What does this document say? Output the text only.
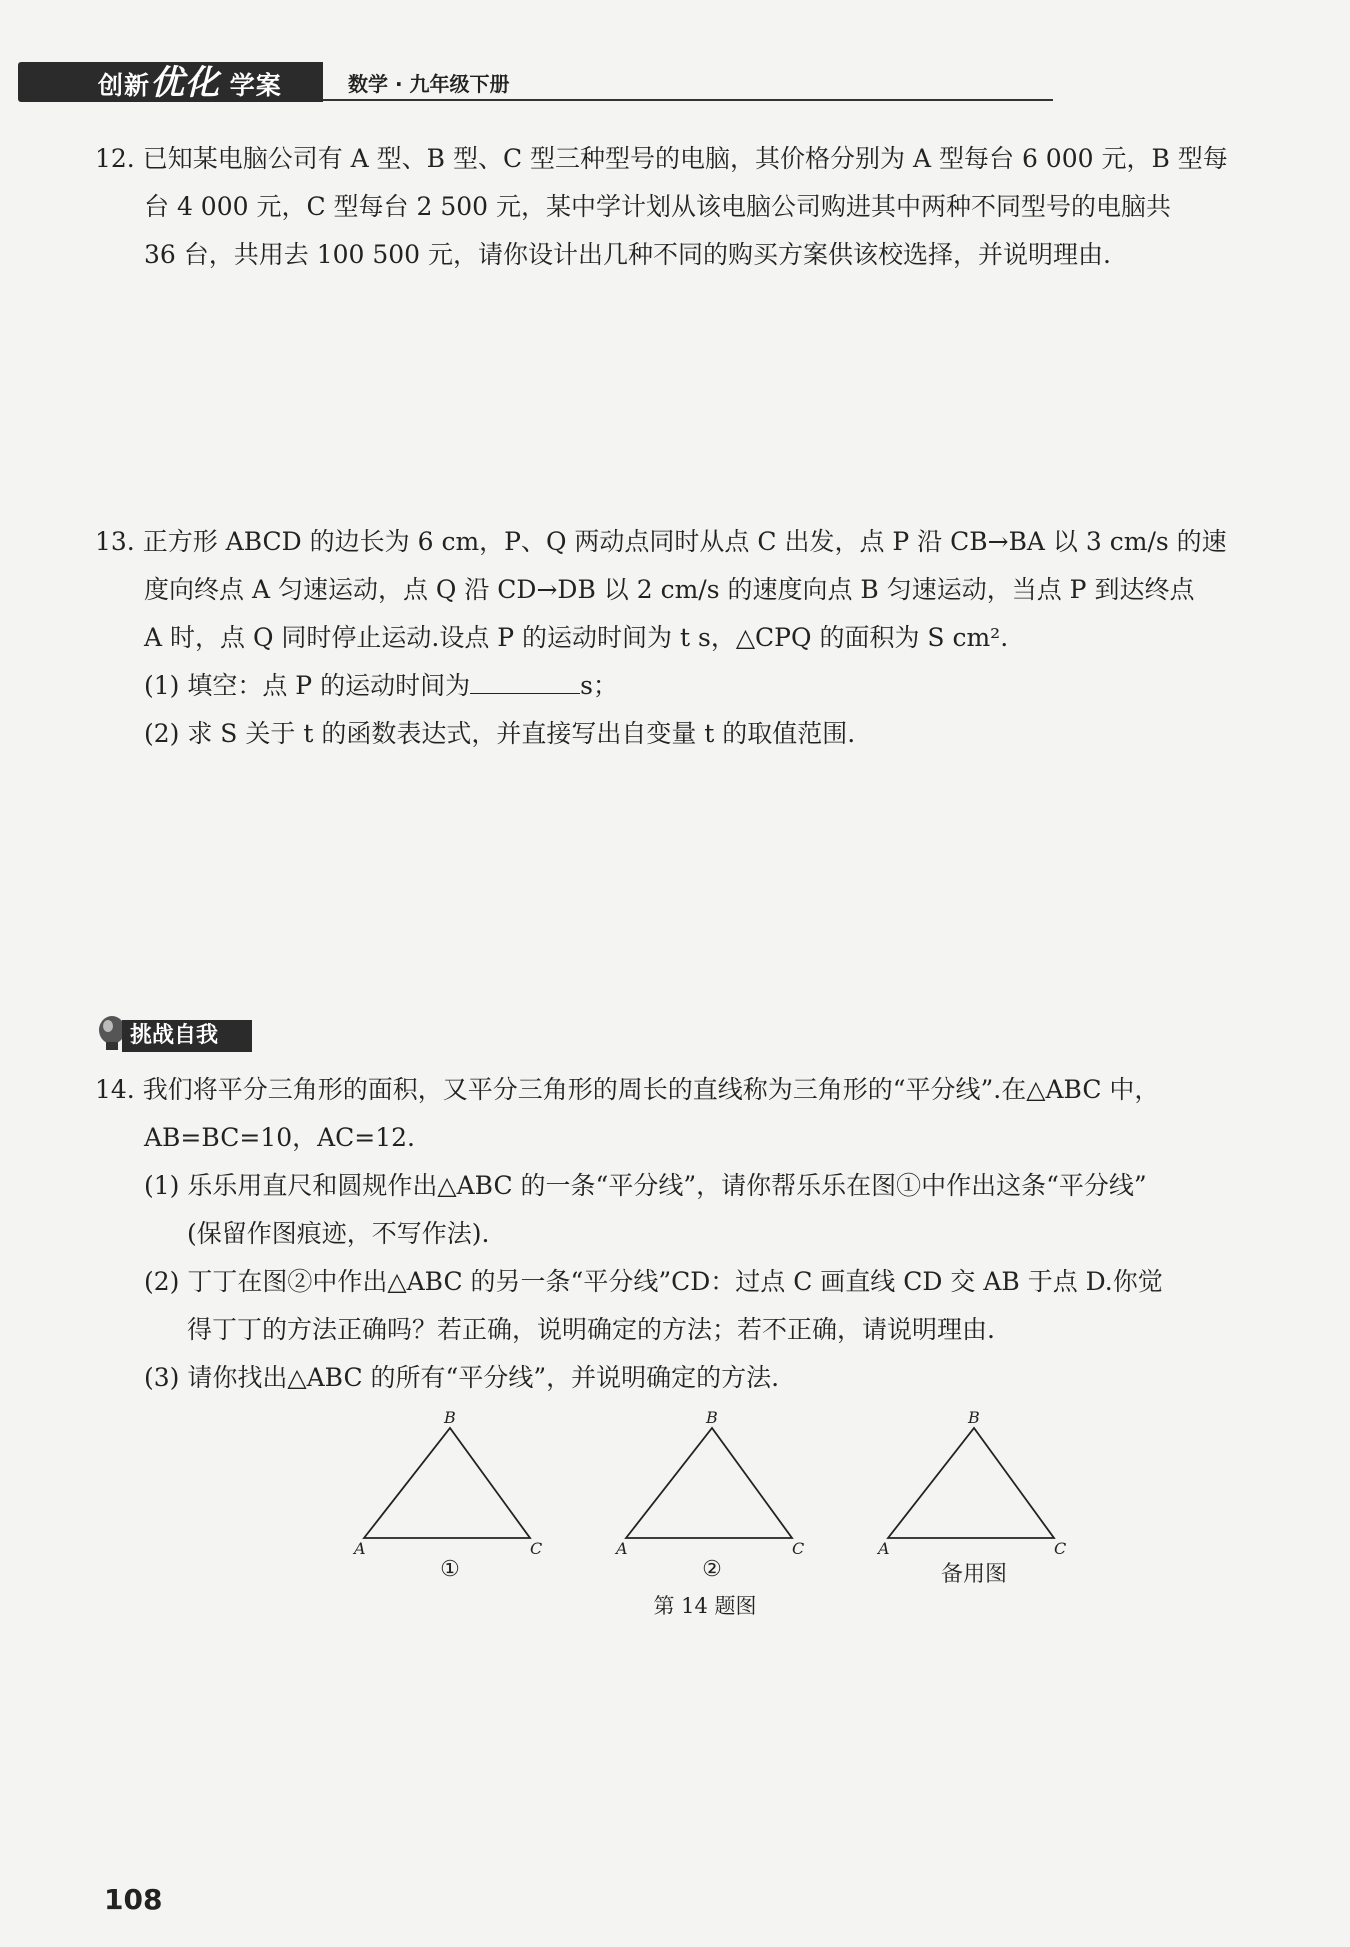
创新优化 学案	数学 · 九年级下册
12. 已知某电脑公司有 A 型、B 型、C 型三种型号的电脑，其价格分别为 A 型每台 6 000 元，B 型每
台 4 000 元，C 型每台 2 500 元，某中学计划从该电脑公司购进其中两种不同型号的电脑共
36 台，共用去 100 500 元，请你设计出几种不同的购买方案供该校选择，并说明理由.
13. 正方形 ABCD 的边长为 6 cm，P、Q 两动点同时从点 C 出发，点 P 沿 CB→BA 以 3 cm/s 的速
度向终点 A 匀速运动，点 Q 沿 CD→DB 以 2 cm/s 的速度向点 B 匀速运动，当点 P 到达终点
A 时，点 Q 同时停止运动.设点 P 的运动时间为 t s，△CPQ 的面积为 S cm².
(1) 填空：点 P 的运动时间为	s；
(2) 求 S 关于 t 的函数表达式，并直接写出自变量 t 的取值范围.
挑战自我
14. 我们将平分三角形的面积，又平分三角形的周长的直线称为三角形的“平分线”.在△ABC 中，
AB=BC=10，AC=12.
(1) 乐乐用直尺和圆规作出△ABC 的一条“平分线”，请你帮乐乐在图①中作出这条“平分线”
(保留作图痕迹，不写作法).
(2) 丁丁在图②中作出△ABC 的另一条“平分线”CD：过点 C 画直线 CD 交 AB 于点 D.你觉
得丁丁的方法正确吗？若正确，说明确定的方法；若不正确，请说明理由.
(3) 请你找出△ABC 的所有“平分线”，并说明确定的方法.
B
A	C
①
B
A	C
②
B
A	C
备用图
第 14 题图
108
